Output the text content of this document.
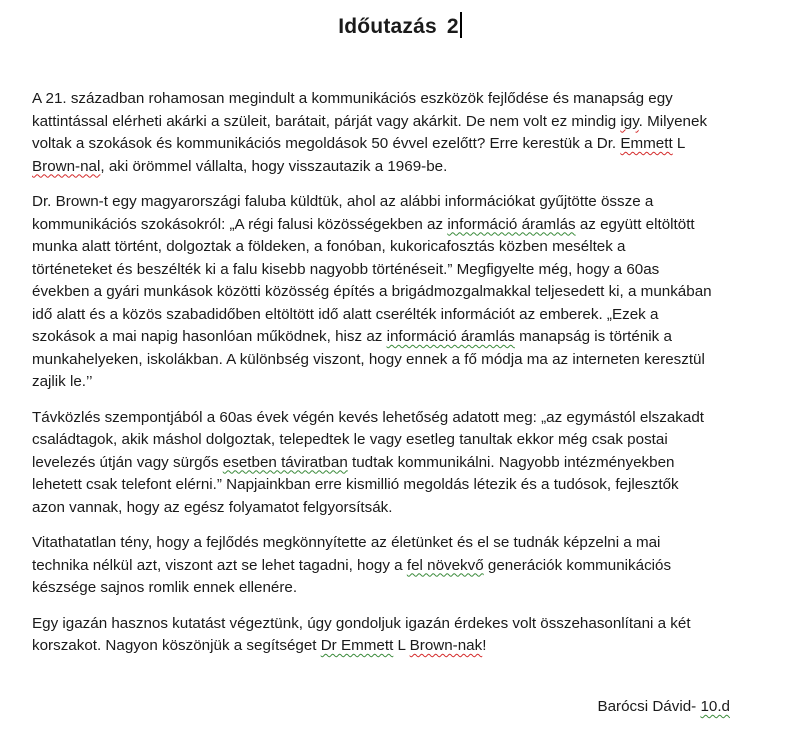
Időutazás 2
A 21. században rohamosan megindult a kommunikációs eszközök fejlődése és manapság egy
kattintással elérheti akárki a szüleit, barátait, párját vagy akárkit. De nem volt ez mindig igy. Milyenek
voltak a szokások és kommunikációs megoldások 50 évvel ezelőtt? Erre kerestük a Dr. Emmett L
Brown-nal, aki örömmel vállalta, hogy visszautazik a 1969-be.
Dr. Brown-t egy magyarországi faluba küldtük, ahol az alábbi információkat gyűjtötte össze a
kommunikációs szokásokról: „A régi falusi közösségekben az információ áramlás az együtt eltöltött
munka alatt történt, dolgoztak a földeken, a fonóban, kukoricafosztás közben meséltek a
történeteket és beszélték ki a falu kisebb nagyobb történéseit.” Megfigyelte még, hogy a 60as
években a gyári munkások közötti közösség építés a brigádmozgalmakkal teljesedett ki, a munkában
idő alatt és a közös szabadidőben eltöltött idő alatt cserélték információt az emberek. „Ezek a
szokások a mai napig hasonlóan működnek, hisz az információ áramlás manapság is történik a
munkahelyeken, iskolákban. A különbség viszont, hogy ennek a fő módja ma az interneten keresztül
zajlik le.’’
Távközlés szempontjából a 60as évek végén kevés lehetőség adatott meg: „az egymástól elszakadt
családtagok, akik máshol dolgoztak, telepedtek le vagy esetleg tanultak ekkor még csak postai
levelezés útján vagy sürgős esetben táviratban tudtak kommunikálni. Nagyobb intézményekben
lehetett csak telefont elérni.” Napjainkban erre kismillió megoldás létezik és a tudósok, fejlesztők
azon vannak, hogy az egész folyamatot felgyorsítsák.
Vitathatatlan tény, hogy a fejlődés megkönnyítette az életünket és el se tudnák képzelni a mai
technika nélkül azt, viszont azt se lehet tagadni, hogy a fel növekvő generációk kommunikációs
készsége sajnos romlik ennek ellenére.
Egy igazán hasznos kutatást végeztünk, úgy gondoljuk igazán érdekes volt összehasonlítani a két
korszakot. Nagyon köszönjük a segítséget Dr Emmett L Brown-nak!
Barócsi Dávid- 10.d
